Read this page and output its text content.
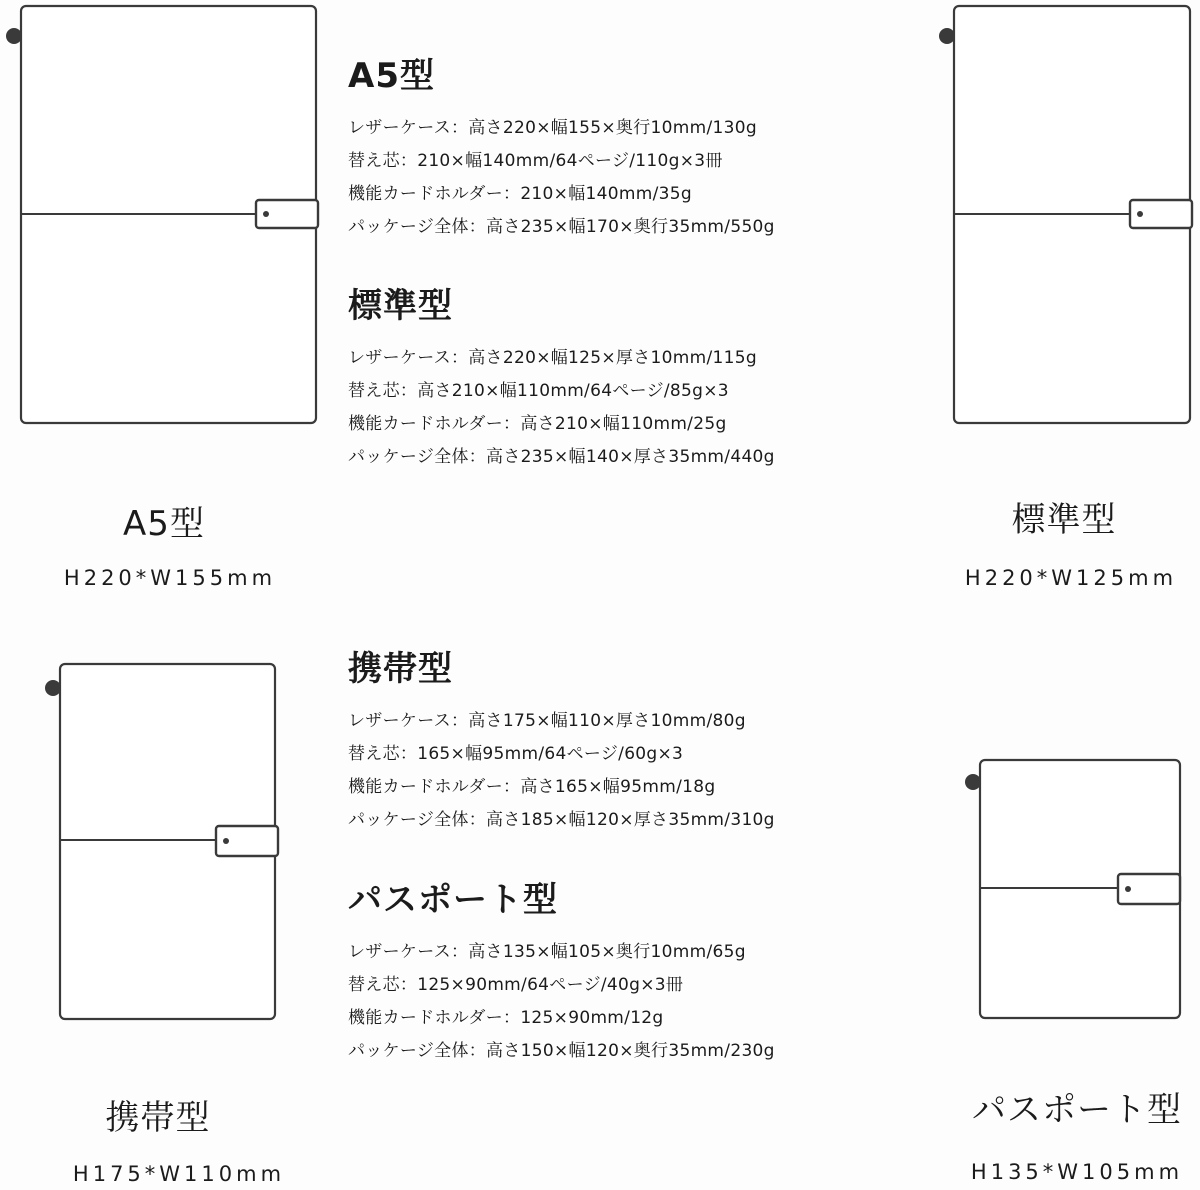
A5型
H220*W155mm
標準型
H220*W125mm
携帯型
H175*W110mm
パスポート型
H135*W105mm
A5型
レザーケース：高さ220×幅155×奥行10mm/130g
替え芯：210×幅140mm/64ページ/110g×3冊
機能カードホルダー：210×幅140mm/35g
パッケージ全体：高さ235×幅170×奥行35mm/550g
標準型
レザーケース：高さ220×幅125×厚さ10mm/115g
替え芯：高さ210×幅110mm/64ページ/85g×3
機能カードホルダー：高さ210×幅110mm/25g
パッケージ全体：高さ235×幅140×厚さ35mm/440g
携帯型
レザーケース：高さ175×幅110×厚さ10mm/80g
替え芯：165×幅95mm/64ページ/60g×3
機能カードホルダー：高さ165×幅95mm/18g
パッケージ全体：高さ185×幅120×厚さ35mm/310g
パスポート型
レザーケース：高さ135×幅105×奥行10mm/65g
替え芯：125×90mm/64ページ/40g×3冊
機能カードホルダー：125×90mm/12g
パッケージ全体：高さ150×幅120×奥行35mm/230g
